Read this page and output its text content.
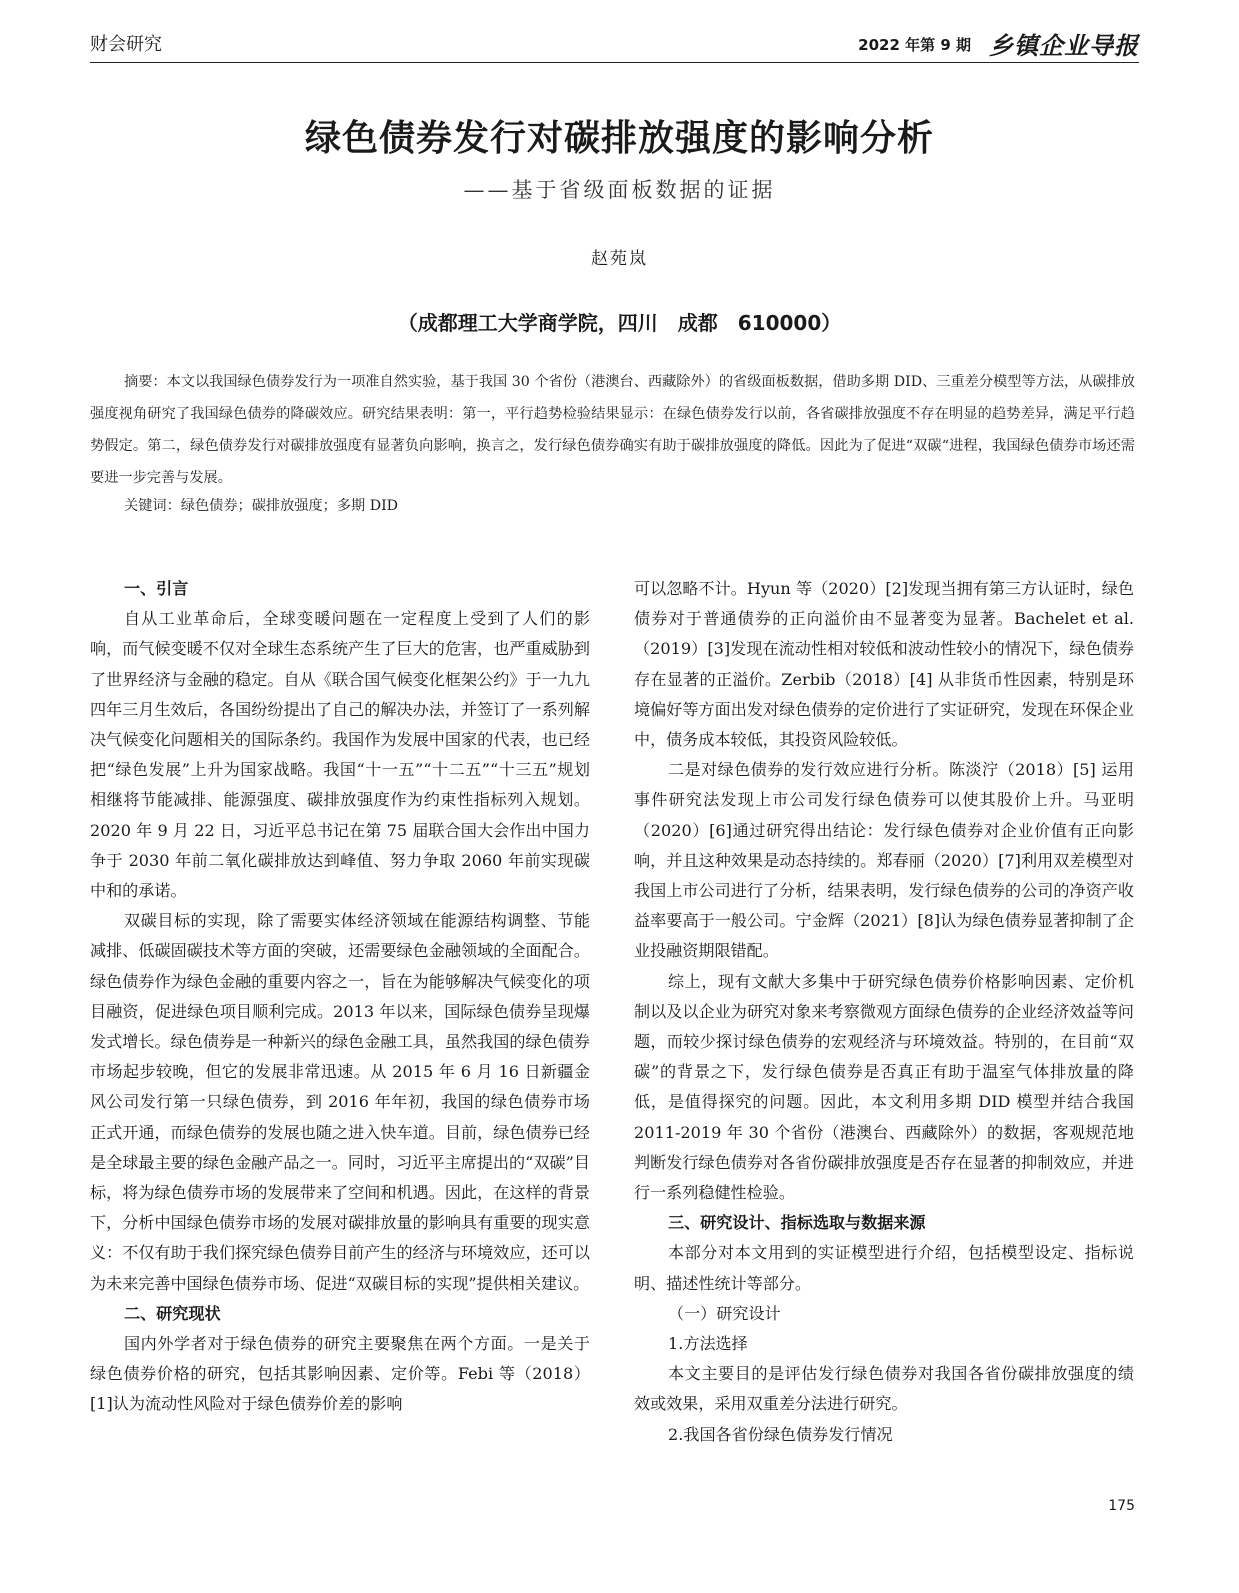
财会研究	2022 年第 9 期 乡镇企业导报
绿色债券发行对碳排放强度的影响分析
——基于省级面板数据的证据
赵苑岚
（成都理工大学商学院，四川　成都　610000）

摘要：本文以我国绿色债券发行为一项准自然实验，基于我国 30 个省份（港澳台、西藏除外）的省级面板数据，借助多期 DID、三重差分模型等方法，从碳排放强度视角研究了我国绿色债券的降碳效应。研究结果表明：第一，平行趋势检验结果显示：在绿色债券发行以前，各省碳排放强度不存在明显的趋势差异，满足平行趋势假定。第二，绿色债券发行对碳排放强度有显著负向影响，换言之，发行绿色债券确实有助于碳排放强度的降低。因此为了促进“双碳“进程，我国绿色债券市场还需要进一步完善与发展。

关键词：绿色债券；碳排放强度；多期 DID
一、引言

自从工业革命后，全球变暖问题在一定程度上受到了人们的影响，而气候变暖不仅对全球生态系统产生了巨大的危害，也严重威胁到了世界经济与金融的稳定。自从《联合国气候变化框架公约》于一九九四年三月生效后，各国纷纷提出了自己的解决办法，并签订了一系列解决气候变化问题相关的国际条约。我国作为发展中国家的代表，也已经把“绿色发展”上升为国家战略。我国“十一五”“十二五”“十三五”规划相继将节能减排、能源强度、碳排放强度作为约束性指标列入规划。2020 年 9 月 22 日，习近平总书记在第 75 届联合国大会作出中国力争于 2030 年前二氧化碳排放达到峰值、努力争取 2060 年前实现碳中和的承诺。

双碳目标的实现，除了需要实体经济领域在能源结构调整、节能减排、低碳固碳技术等方面的突破，还需要绿色金融领域的全面配合。绿色债券作为绿色金融的重要内容之一，旨在为能够解决气候变化的项目融资，促进绿色项目顺利完成。2013 年以来，国际绿色债券呈现爆发式增长。绿色债券是一种新兴的绿色金融工具，虽然我国的绿色债券市场起步较晚，但它的发展非常迅速。从 2015 年 6 月 16 日新疆金风公司发行第一只绿色债券，到 2016 年年初，我国的绿色债券市场正式开通，而绿色债券的发展也随之进入快车道。目前，绿色债券已经是全球最主要的绿色金融产品之一。同时，习近平主席提出的“双碳”目标，将为绿色债券市场的发展带来了空间和机遇。因此，在这样的背景下，分析中国绿色债券市场的发展对碳排放量的影响具有重要的现实意义：不仅有助于我们探究绿色债券目前产生的经济与环境效应，还可以为未来完善中国绿色债券市场、促进“双碳目标的实现”提供相关建议。

二、研究现状

国内外学者对于绿色债券的研究主要聚焦在两个方面。一是关于绿色债券价格的研究，包括其影响因素、定价等。Febi 等（2018）[1]认为流动性风险对于绿色债券价差的影响

可以忽略不计。Hyun 等（2020）[2]发现当拥有第三方认证时，绿色债券对于普通债券的正向溢价由不显著变为显著。Bachelet et al.（2019）[3]发现在流动性相对较低和波动性较小的情况下，绿色债券存在显著的正溢价。Zerbib（2018）[4] 从非货币性因素，特别是环境偏好等方面出发对绿色债券的定价进行了实证研究，发现在环保企业中，债务成本较低，其投资风险较低。

二是对绿色债券的发行效应进行分析。陈淡泞（2018）[5] 运用事件研究法发现上市公司发行绿色债券可以使其股价上升。马亚明（2020）[6]通过研究得出结论：发行绿色债券对企业价值有正向影响，并且这种效果是动态持续的。郑春丽（2020）[7]利用双差模型对我国上市公司进行了分析，结果表明，发行绿色债券的公司的净资产收益率要高于一般公司。宁金辉（2021）[8]认为绿色债券显著抑制了企业投融资期限错配。

综上，现有文献大多集中于研究绿色债券价格影响因素、定价机制以及以企业为研究对象来考察微观方面绿色债券的企业经济效益等问题，而较少探讨绿色债券的宏观经济与环境效益。特别的，在目前“双碳”的背景之下，发行绿色债券是否真正有助于温室气体排放量的降低，是值得探究的问题。因此，本文利用多期 DID 模型并结合我国 2011-2019 年 30 个省份（港澳台、西藏除外）的数据，客观规范地判断发行绿色债券对各省份碳排放强度是否存在显著的抑制效应，并进行一系列稳健性检验。

三、研究设计、指标选取与数据来源

本部分对本文用到的实证模型进行介绍，包括模型设定、指标说明、描述性统计等部分。

（一）研究设计

1.方法选择

本文主要目的是评估发行绿色债券对我国各省份碳排放强度的绩效或效果，采用双重差分法进行研究。

2.我国各省份绿色债券发行情况

175
